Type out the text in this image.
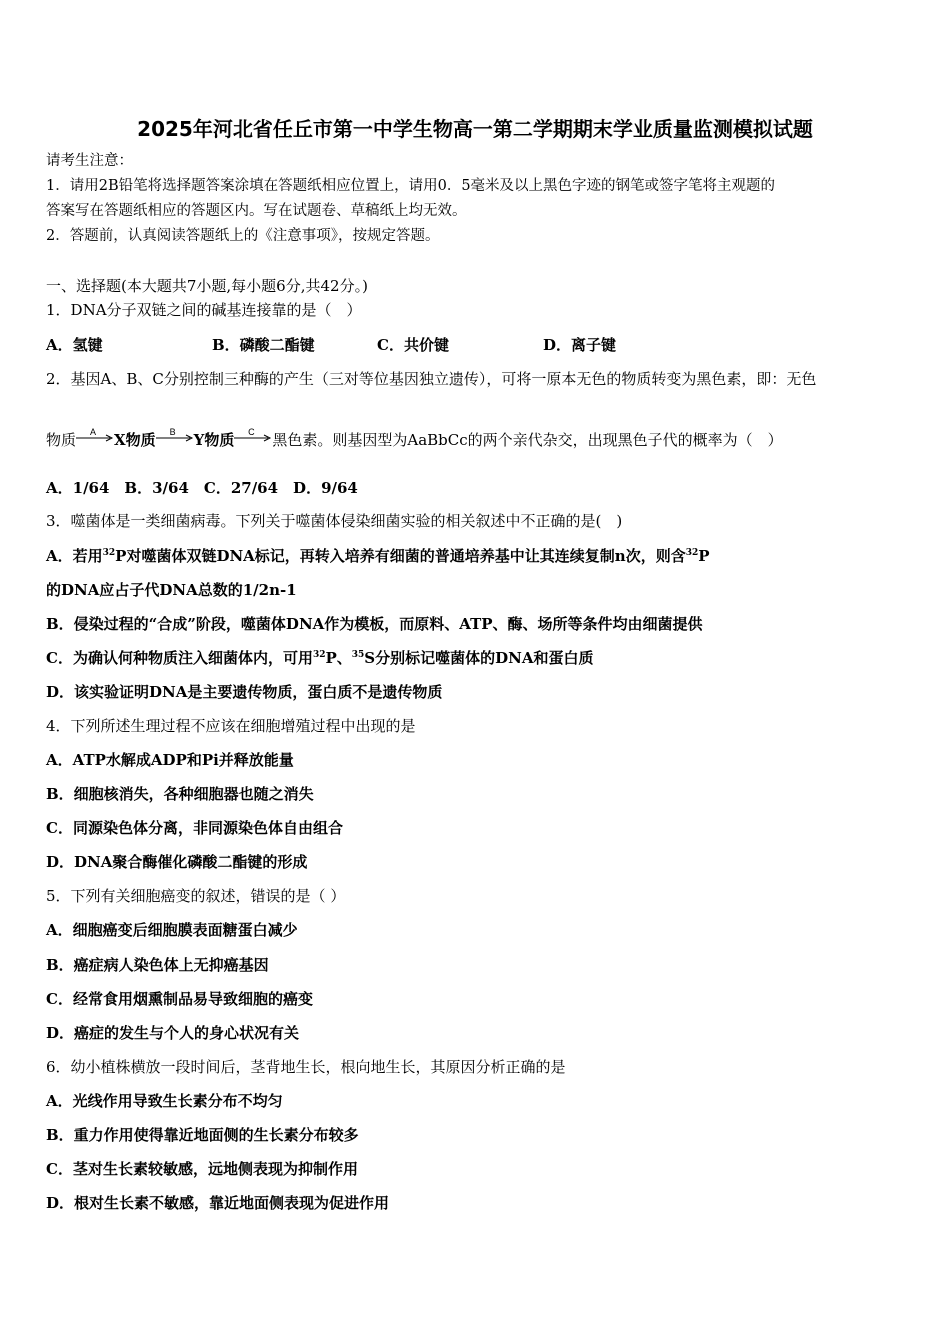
2025年河北省任丘市第一中学生物高一第二学期期末学业质量监测模拟试题
请考生注意：
1．请用2B铅笔将选择题答案涂填在答题纸相应位置上，请用0．5毫米及以上黑色字迹的钢笔或签字笔将主观题的
答案写在答题纸相应的答题区内。写在试题卷、草稿纸上均无效。
2．答题前，认真阅读答题纸上的《注意事项》，按规定答题。
一、选择题(本大题共7小题,每小题6分,共42分。)
1．DNA分子双链之间的碱基连接靠的是（　）
A．氢键	B．磷酸二酯键	C．共价键	D．离子键
2．基因A、B、C分别控制三种酶的产生（三对等位基因独立遗传），可将一原本无色的物质转变为黑色素，即：无色
物质	A	X物质	B	Y物质	C	黑色素。则基因型为AaBbCc的两个亲代杂交，出现黑色子代的概率为（　）
A．1/64　B．3/64　C．27/64　D．9/64
3．噬菌体是一类细菌病毒。下列关于噬菌体侵染细菌实验的相关叙述中不正确的是(　)
A．若用$^{32}$P对噬菌体双链DNA标记，再转入培养有细菌的普通培养基中让其连续复制n次，则含$^{32}$P
的DNA应占子代DNA总数的1/2n-1
B．侵染过程的“合成”阶段，噬菌体DNA作为模板，而原料、ATP、酶、场所等条件均由细菌提供
C．为确认何种物质注入细菌体内，可用$^{32}$P、$^{35}$S分别标记噬菌体的DNA和蛋白质
D．该实验证明DNA是主要遗传物质，蛋白质不是遗传物质
4．下列所述生理过程不应该在细胞增殖过程中出现的是
A．ATP水解成ADP和Pi并释放能量
B．细胞核消失，各种细胞器也随之消失
C．同源染色体分离，非同源染色体自由组合
D．DNA聚合酶催化磷酸二酯键的形成
5．下列有关细胞癌变的叙述，错误的是（ ）
A．细胞癌变后细胞膜表面糖蛋白减少
B．癌症病人染色体上无抑癌基因
C．经常食用烟熏制品易导致细胞的癌变
D．癌症的发生与个人的身心状况有关
6．幼小植株横放一段时间后，茎背地生长，根向地生长，其原因分析正确的是
A．光线作用导致生长素分布不均匀
B．重力作用使得靠近地面侧的生长素分布较多
C．茎对生长素较敏感，远地侧表现为抑制作用
D．根对生长素不敏感，靠近地面侧表现为促进作用
